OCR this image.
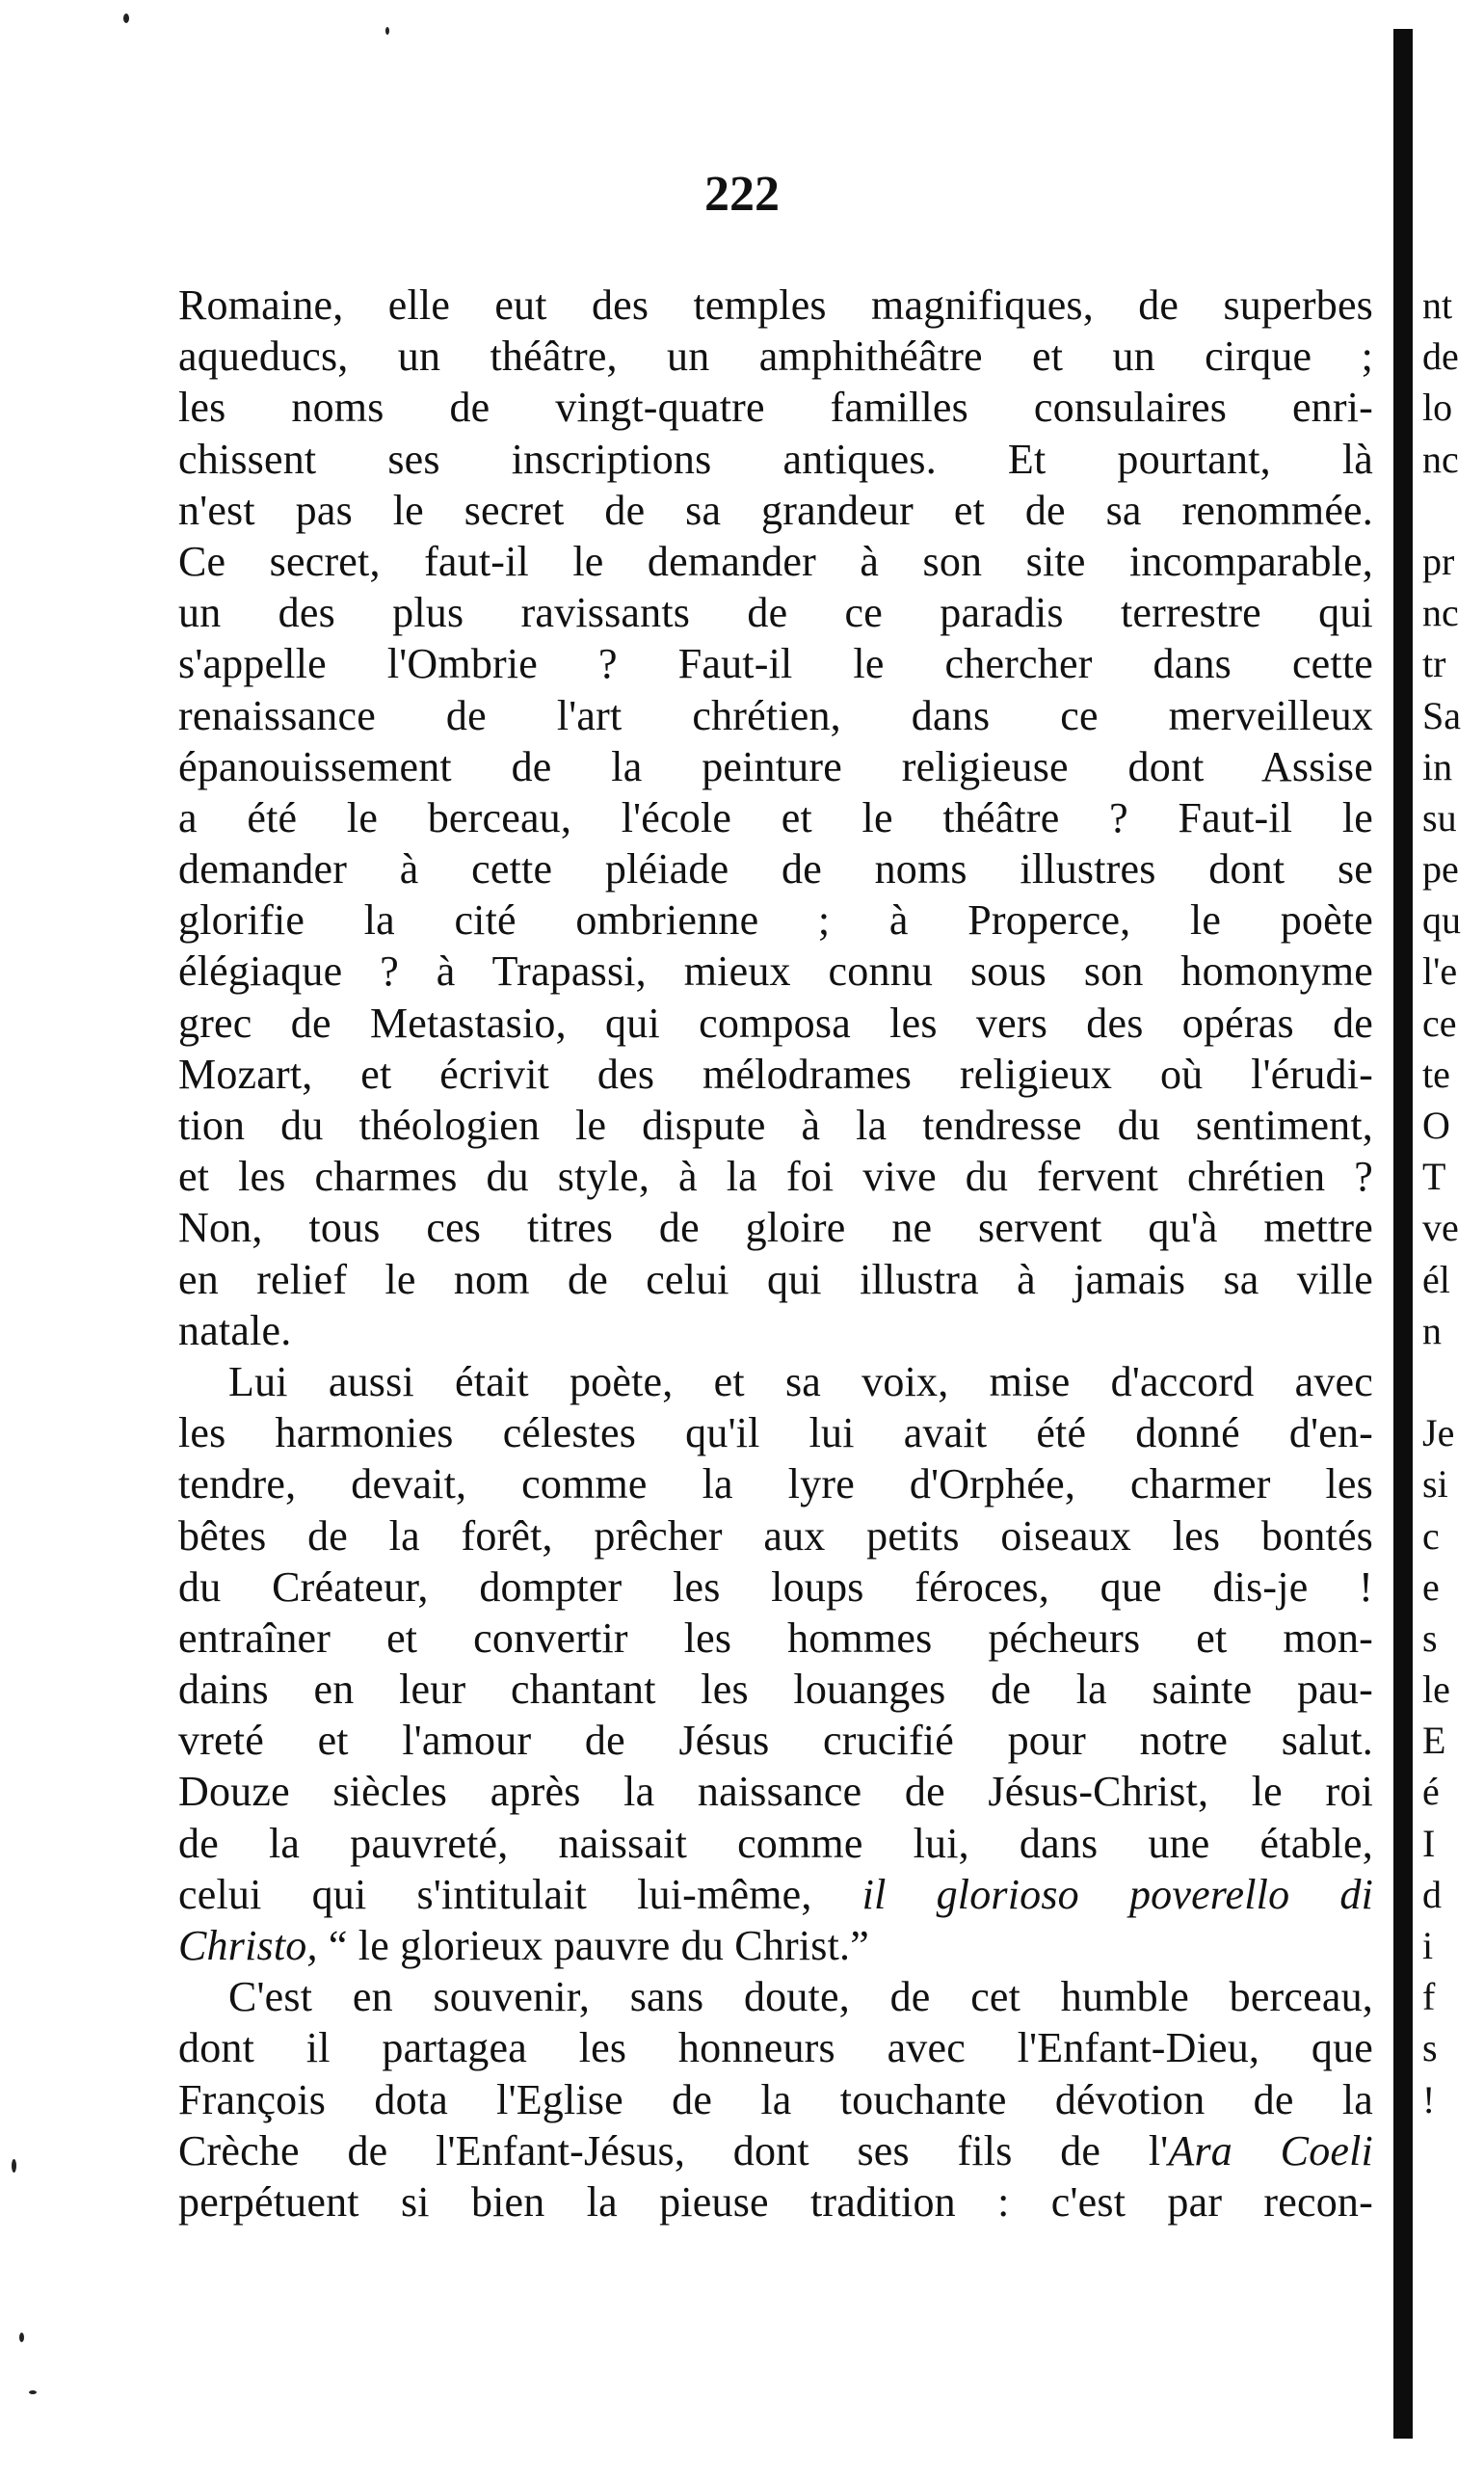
222
Romaine, elle eut des temples magnifiques, de superbes
aqueducs, un théâtre, un amphithéâtre et un cirque ;
les noms de vingt-quatre familles consulaires enri-
chissent ses inscriptions antiques. Et pourtant, là
n'est pas le secret de sa grandeur et de sa renommée.
Ce secret, faut-il le demander à son site incomparable,
un des plus ravissants de ce paradis terrestre qui
s'appelle l'Ombrie ? Faut-il le chercher dans cette
renaissance de l'art chrétien, dans ce merveilleux
épanouissement de la peinture religieuse dont Assise
a été le berceau, l'école et le théâtre ? Faut-il le
demander à cette pléiade de noms illustres dont se
glorifie la cité ombrienne ; à Properce, le poète
élégiaque ? à Trapassi, mieux connu sous son homonyme
grec de Metastasio, qui composa les vers des opéras de
Mozart, et écrivit des mélodrames religieux où l'érudi-
tion du théologien le dispute à la tendresse du sentiment,
et les charmes du style, à la foi vive du fervent chrétien ?
Non, tous ces titres de gloire ne servent qu'à mettre
en relief le nom de celui qui illustra à jamais sa ville
natale.
Lui aussi était poète, et sa voix, mise d'accord avec
les harmonies célestes qu'il lui avait été donné d'en-
tendre, devait, comme la lyre d'Orphée, charmer les
bêtes de la forêt, prêcher aux petits oiseaux les bontés
du Créateur, dompter les loups féroces, que dis-je !
entraîner et convertir les hommes pécheurs et mon-
dains en leur chantant les louanges de la sainte pau-
vreté et l'amour de Jésus crucifié pour notre salut.
Douze siècles après la naissance de Jésus-Christ, le roi
de la pauvreté, naissait comme lui, dans une étable,
celui qui s'intitulait lui-même, il glorioso poverello di
Christo, “ le glorieux pauvre du Christ.”
C'est en souvenir, sans doute, de cet humble berceau,
dont il partagea les honneurs avec l'Enfant-Dieu, que
François dota l'Eglise de la touchante dévotion de la
Crèche de l'Enfant-Jésus, dont ses fils de l'Ara Coeli
perpétuent si bien la pieuse tradition : c'est par recon-
nt
de
lo
nc
pr
nc
tr
Sa
in
su
pe
qu
l'e
ce
te
O
T
ve
él
n
Je
si
c
e
s
le
E
é
I
d
i
f
s
!
